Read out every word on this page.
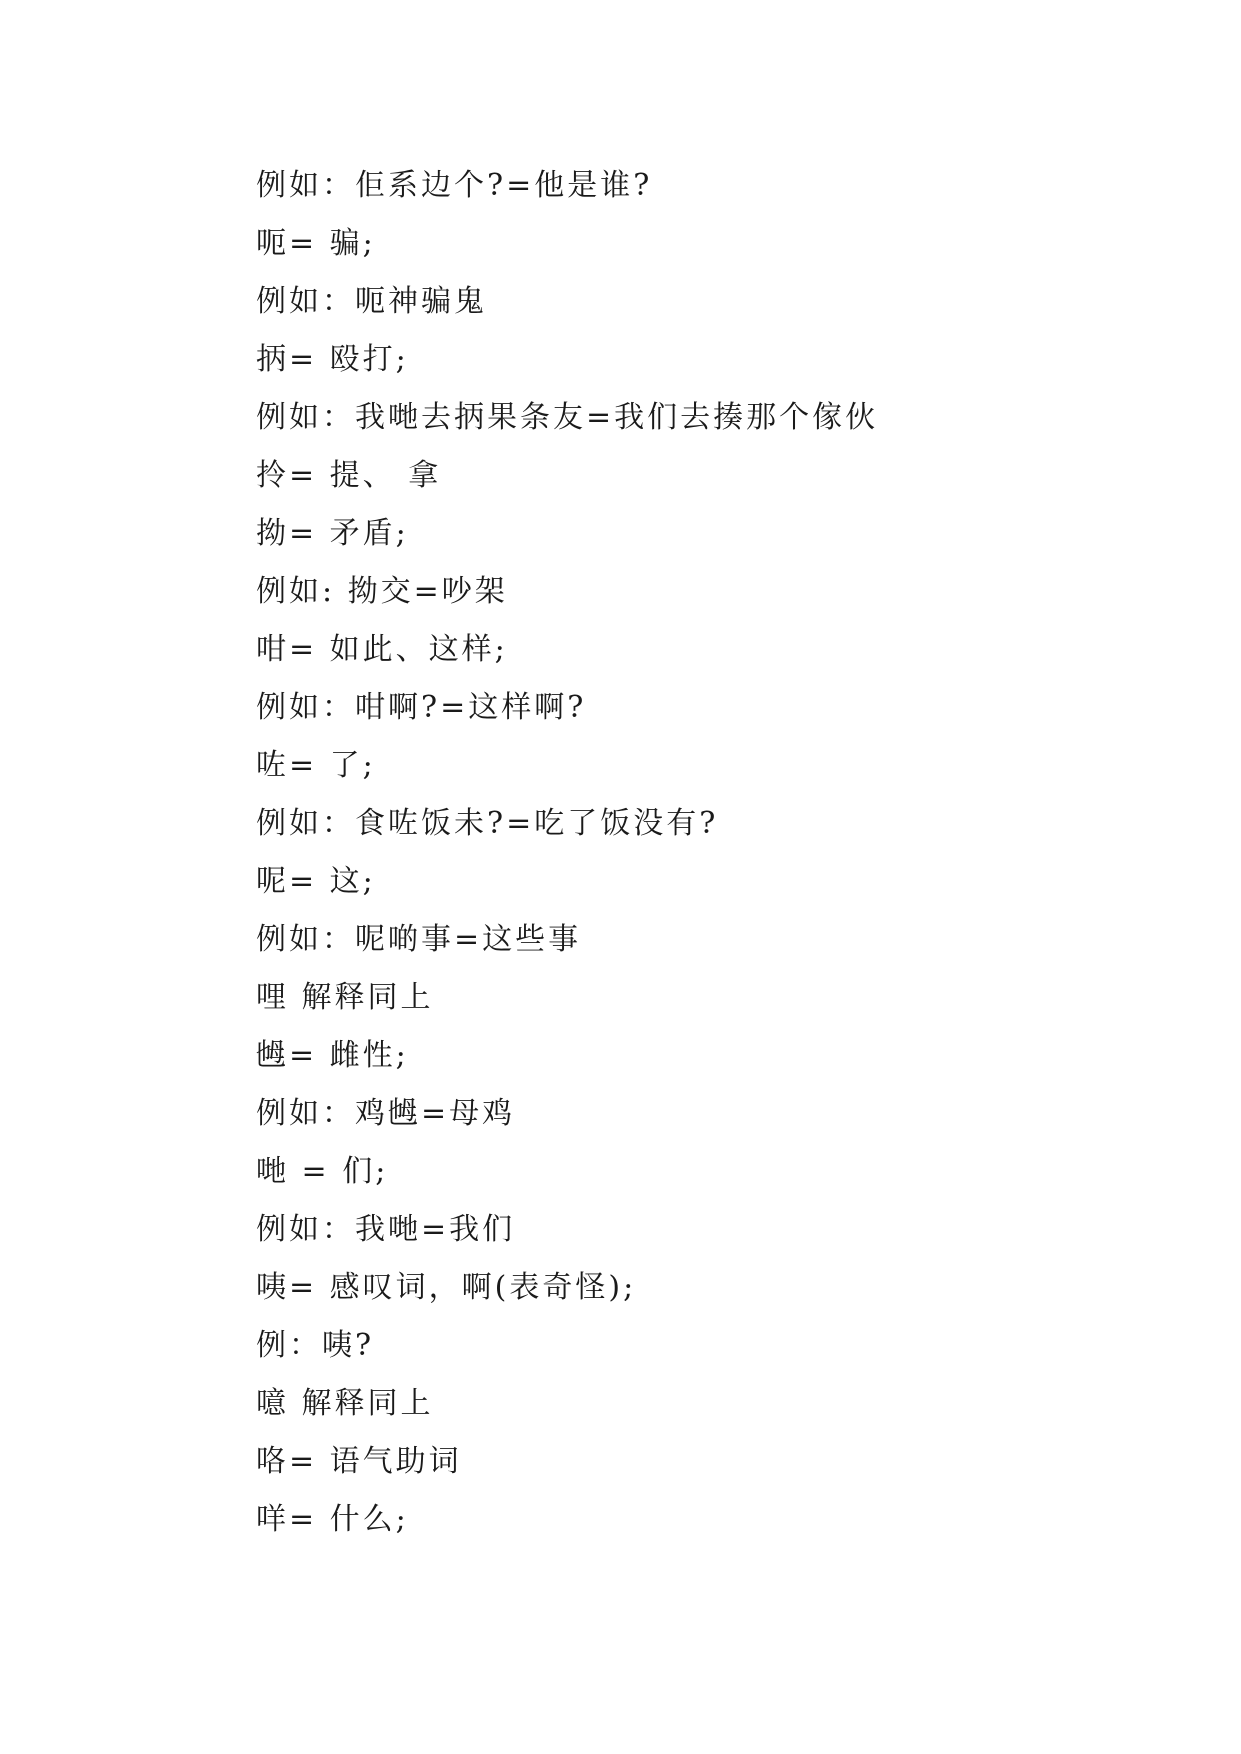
例如：佢系边个?=他是谁?
呃= 骗;
例如：呃神骗鬼
抦= 殴打;
例如：我哋去抦果条友=我们去揍那个傢伙
拎= 提、 拿
拗= 矛盾;
例如: 拗交=吵架
咁= 如此、这样;
例如：咁啊?=这样啊?
咗= 了;
例如：食咗饭未?=吃了饭没有?
呢= 这;
例如：呢啲事=这些事
哩 解释同上
乸= 雌性;
例如：鸡乸=母鸡
哋 = 们;
例如：我哋=我们
咦= 感叹词，啊(表奇怪);
例：咦?
噫 解释同上
咯= 语气助词
咩= 什么;
